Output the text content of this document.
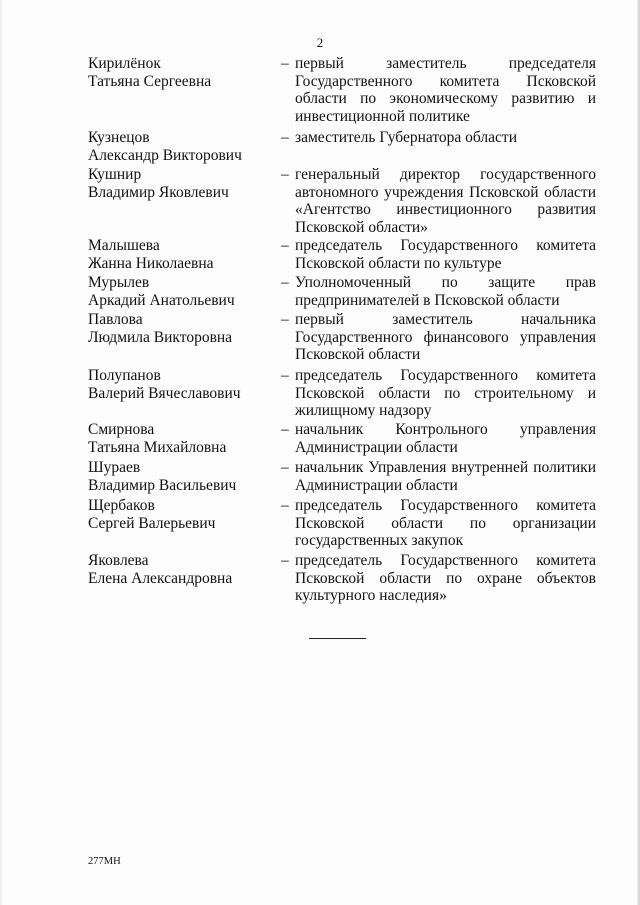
2
Кирилёнок
Татьяна Сергеевна
– первый заместитель председателя Государственного комитета Псковской области по экономическому развитию и инвестиционной политике
Кузнецов
Александр Викторович
– заместитель Губернатора области
Кушнир
Владимир Яковлевич
– генеральный директор государственного автономного учреждения Псковской области «Агентство инвестиционного развития Псковской области»
Малышева
Жанна Николаевна
– председатель Государственного комитета Псковской области по культуре
Мурылев
Аркадий Анатольевич
– Уполномоченный по защите прав предпринимателей в Псковской области
Павлова
Людмила Викторовна
– первый заместитель начальника Государственного финансового управления Псковской области
Полупанов
Валерий Вячеславович
– председатель Государственного комитета Псковской области по строительному и жилищному надзору
Смирнова
Татьяна Михайловна
– начальник Контрольного управления Администрации области
Шураев
Владимир Васильевич
– начальник Управления внутренней политики Администрации области
Щербаков
Сергей Валерьевич
– председатель Государственного комитета Псковской области по организации государственных закупок
Яковлева
Елена Александровна
– председатель Государственного комитета Псковской области по охране объектов культурного наследия»
277МН
